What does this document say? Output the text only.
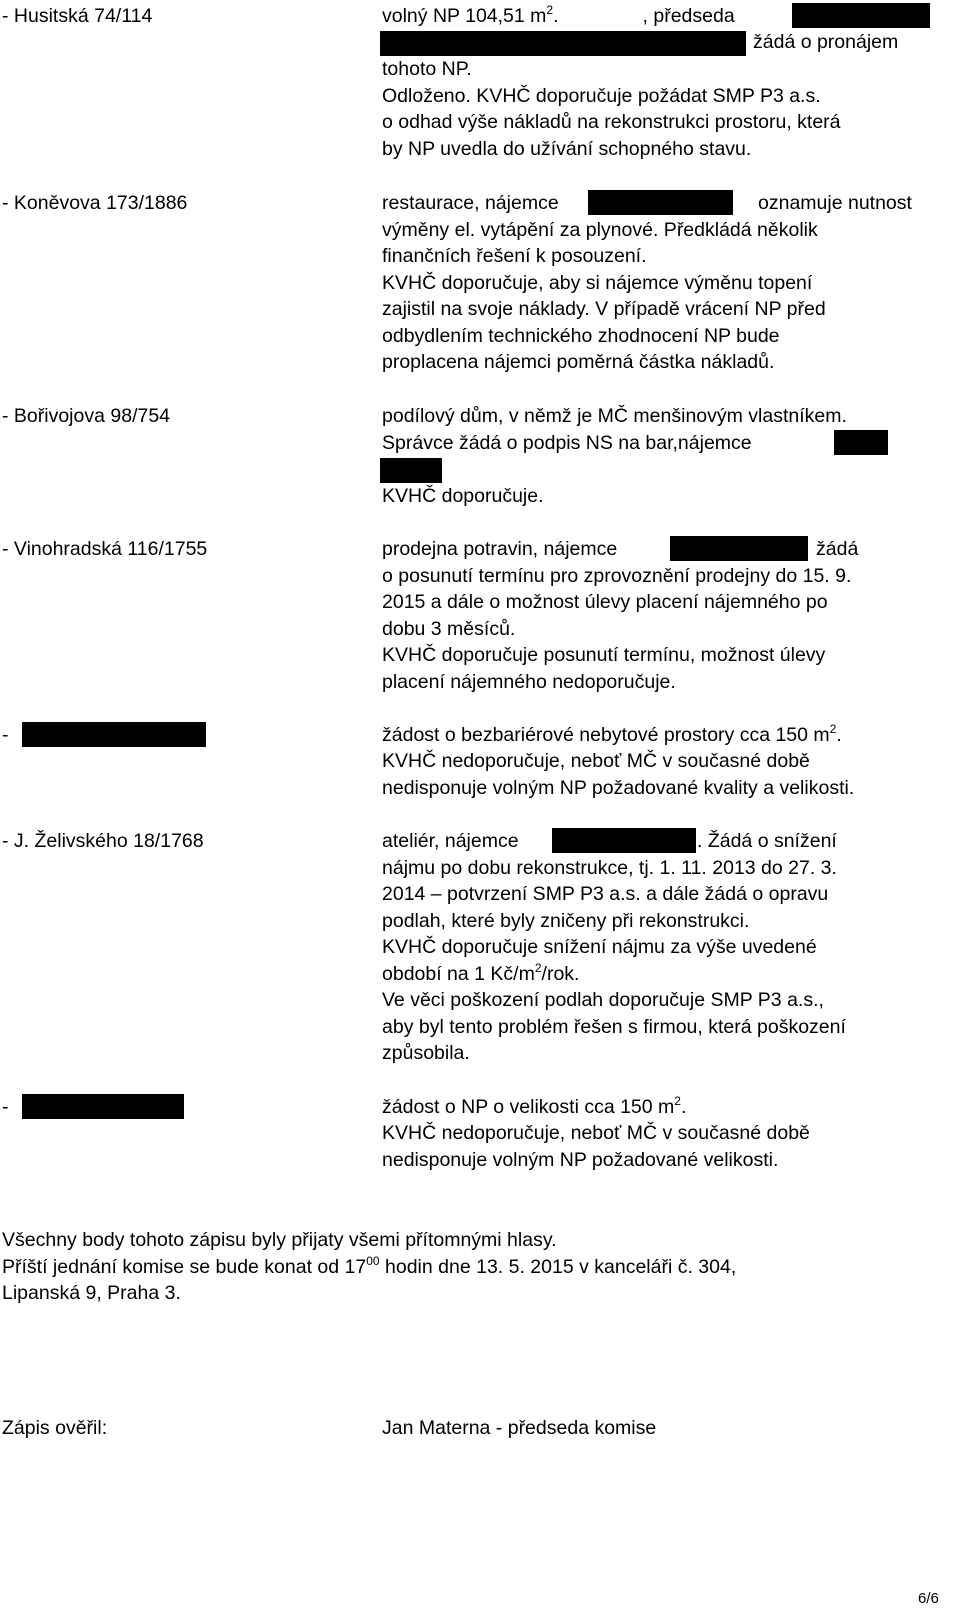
- Husitská 74/114	volný NP 104,51 $m^2$.	, předseda
žádá o pronájem
tohoto NP.
Odloženo. KVHČ doporučuje požádat SMP P3 a.s.
o odhad výše nákladů na rekonstrukci prostoru, která
by NP uvedla do užívání schopného stavu.
- Koněvova 173/1886	restaurace, nájemce	oznamuje nutnost
výměny el. vytápění za plynové. Předkládá několik
finančních řešení k posouzení.
KVHČ doporučuje, aby si nájemce výměnu topení
zajistil na svoje náklady. V případě vrácení NP před
odbydlením technického zhodnocení NP bude
proplacena nájemci poměrná částka nákladů.
- Bořivojova 98/754	podílový dům, v němž je MČ menšinovým vlastníkem.
Správce žádá o podpis NS na bar,nájemce
KVHČ doporučuje.
- Vinohradská 116/1755	prodejna potravin, nájemce	žádá
o posunutí termínu pro zprovoznění prodejny do 15. 9.
2015 a dále o možnost úlevy placení nájemného po
dobu 3 měsíců.
KVHČ doporučuje posunutí termínu, možnost úlevy
placení nájemného nedoporučuje.
-	žádost o bezbariérové nebytové prostory cca 150 $m^2$.
KVHČ nedoporučuje, neboť MČ v současné době
nedisponuje volným NP požadované kvality a velikosti.
- J. Želivského 18/1768	ateliér, nájemce	. Žádá o snížení
nájmu po dobu rekonstrukce, tj. 1. 11. 2013 do 27. 3.
2014 – potvrzení SMP P3 a.s. a dále žádá o opravu
podlah, které byly zničeny při rekonstrukci.
KVHČ doporučuje snížení nájmu za výše uvedené
období na 1 $Kč/m^2$/rok.
Ve věci poškození podlah doporučuje SMP P3 a.s.,
aby byl tento problém řešen s firmou, která poškození
způsobila.
-	žádost o NP o velikosti cca 150 $m^2$.
KVHČ nedoporučuje, neboť MČ v současné době
nedisponuje volným NP požadované velikosti.
Všechny body tohoto zápisu byly přijaty všemi přítomnými hlasy.
Příští jednání komise se bude konat od $17^{00}$ hodin dne 13. 5. 2015 v kanceláři č. 304,
Lipanská 9, Praha 3.
Zápis ověřil:	Jan Materna - předseda komise
6/6
